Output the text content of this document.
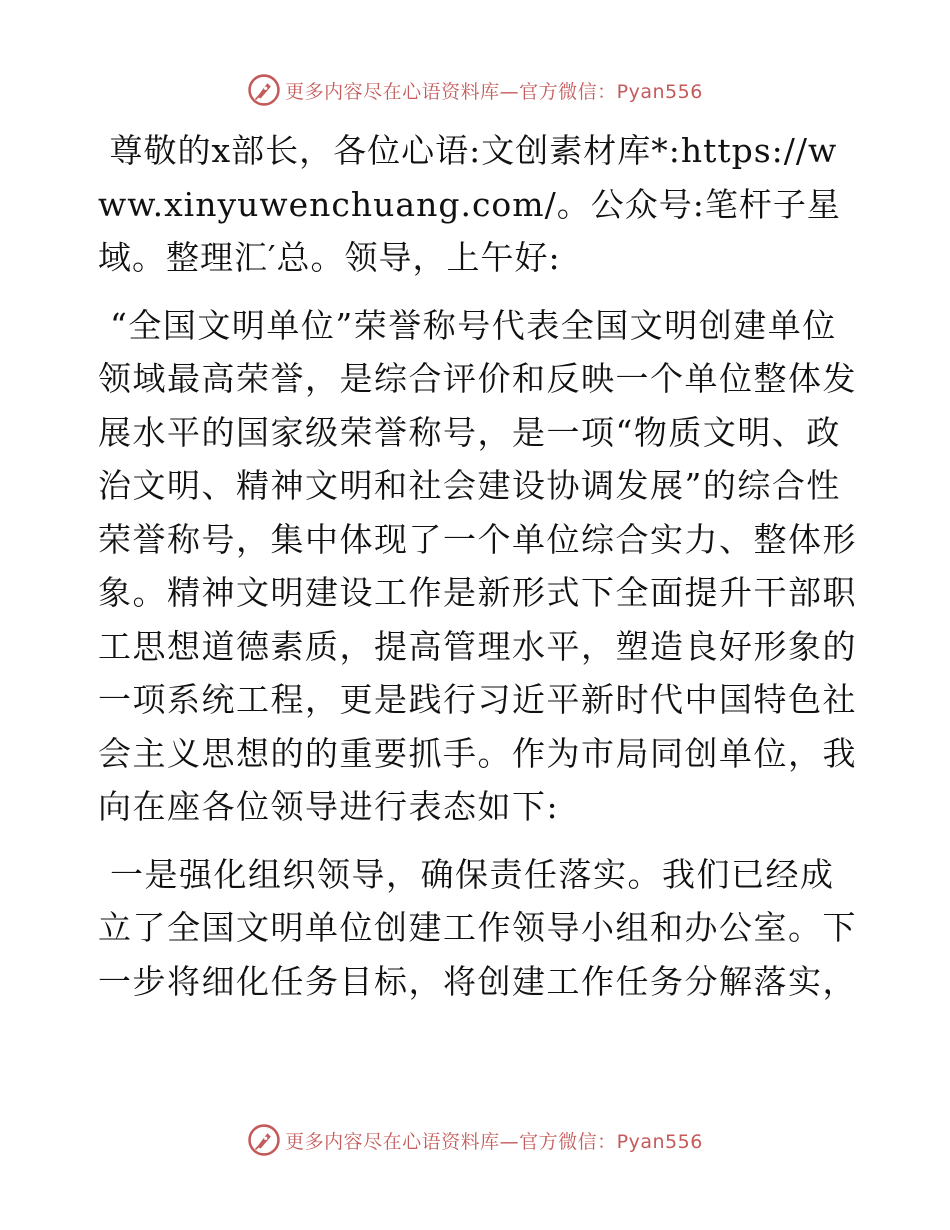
更多内容尽在心语资料库—官方微信：Pyan556

尊敬的x部长，各位心语:文创素材库*:https://www.xinyuwenchuang.com/。公众号:笔杆子星域。整理汇′总。领导，上午好:

“全国文明单位”荣誉称号代表全国文明创建单位领域最高荣誉，是综合评价和反映一个单位整体发展水平的国家级荣誉称号，是一项“物质文明、政治文明、精神文明和社会建设协调发展”的综合性荣誉称号，集中体现了一个单位综合实力、整体形象。精神文明建设工作是新形式下全面提升干部职工思想道德素质，提高管理水平，塑造良好形象的一项系统工程，更是践行习近平新时代中国特色社会主义思想的的重要抓手。作为市局同创单位，我向在座各位领导进行表态如下:

一是强化组织领导，确保责任落实。我们已经成立了全国文明单位创建工作领导小组和办公室。下一步将细化任务目标，将创建工作任务分解落实，

更多内容尽在心语资料库—官方微信：Pyan556
